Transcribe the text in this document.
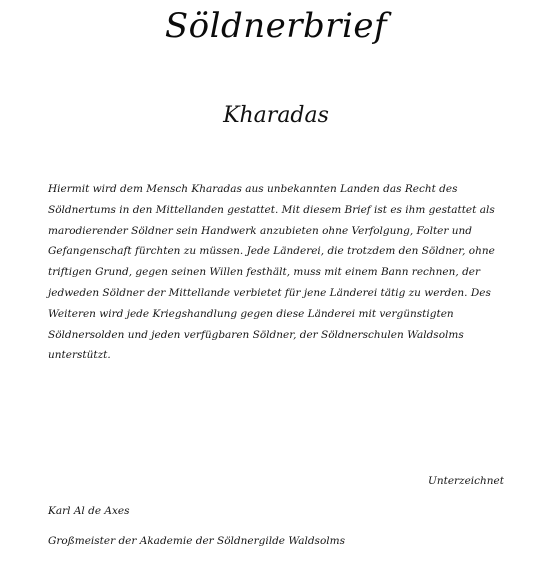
Söldnerbrief
Kharadas
Hiermit wird dem Mensch Kharadas aus unbekannten Landen das Recht des Söldnertums in den Mittellanden gestattet. Mit diesem Brief ist es ihm gestattet als marodierender Söldner sein Handwerk anzubieten ohne Verfolgung, Folter und Gefangenschaft fürchten zu müssen. Jede Länderei, die trotzdem den Söldner, ohne triftigen Grund, gegen seinen Willen festhält, muss mit einem Bann rechnen, der jedweden Söldner der Mittellande verbietet für jene Länderei tätig zu werden. Des Weiteren wird jede Kriegshandlung gegen diese Länderei mit vergünstigten Söldnersolden und jeden verfügbaren Söldner, der Söldnerschulen Waldsolms unterstützt.
Unterzeichnet
Karl Al de Axes
Großmeister der Akademie der Söldnergilde Waldsolms
